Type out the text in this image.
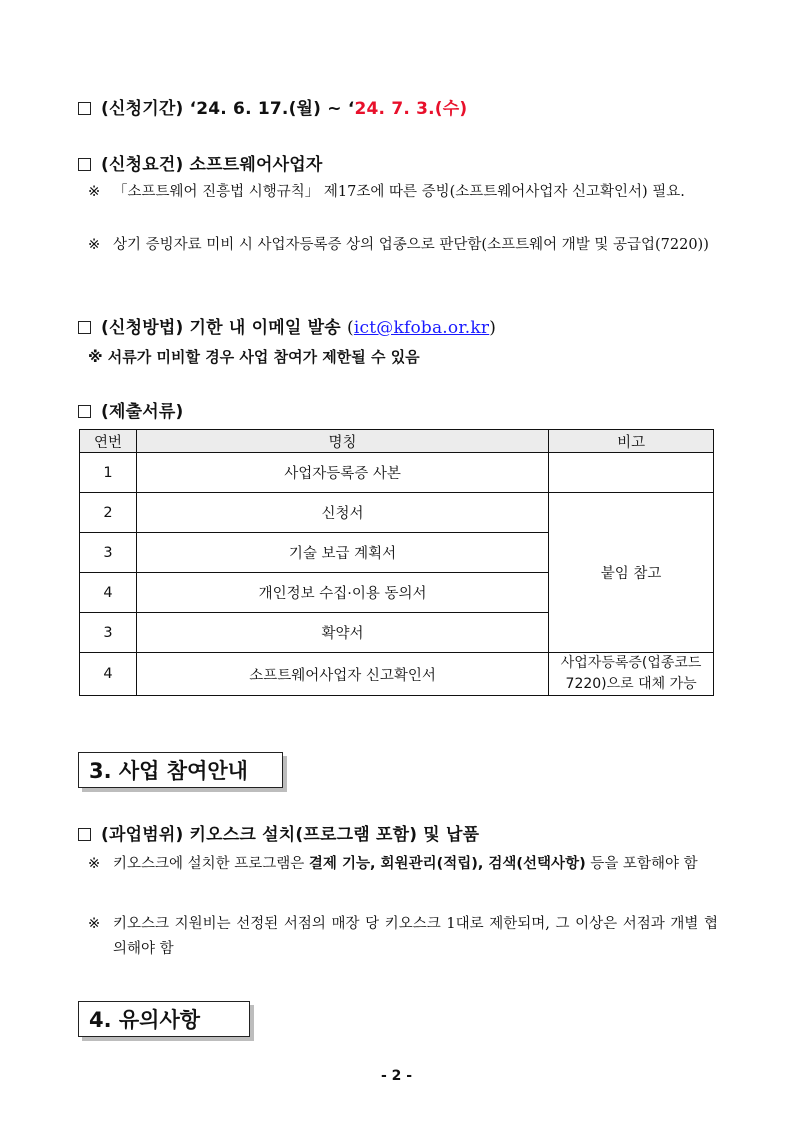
(신청기간) ‘24. 6. 17.(월) ~ ‘24. 7. 3.(수)
(신청요건) 소프트웨어사업자
※ 「소프트웨어 진흥법 시행규칙」 제17조에 따른 증빙(소프트웨어사업자 신고확인서) 필요.
※ 상기 증빙자료 미비 시 사업자등록증 상의 업종으로 판단함(소프트웨어 개발 및 공급업(7220))
(신청방법) 기한 내 이메일 발송 (ict@kfoba.or.kr)
※ 서류가 미비할 경우 사업 참여가 제한될 수 있음
(제출서류)
연번	명칭	비고
1	사업자등록증 사본	
2	신청서	붙임 참고
3	기술 보급 계획서	
4	개인정보 수집·이용 동의서	
3	확약서	
4	소프트웨어사업자 신고확인서	사업자등록증(업종코드
7220)으로 대체 가능
3. 사업 참여안내
(과업범위) 키오스크 설치(프로그램 포함) 및 납품
※ 키오스크에 설치한 프로그램은 결제 기능, 회원관리(적립), 검색(선택사항) 등을 포함해야 함
※ 키오스크 지원비는 선정된 서점의 매장 당 키오스크 1대로 제한되며, 그 이상은 서점과 개별 협의해야 함
4. 유의사항
- 2 -
